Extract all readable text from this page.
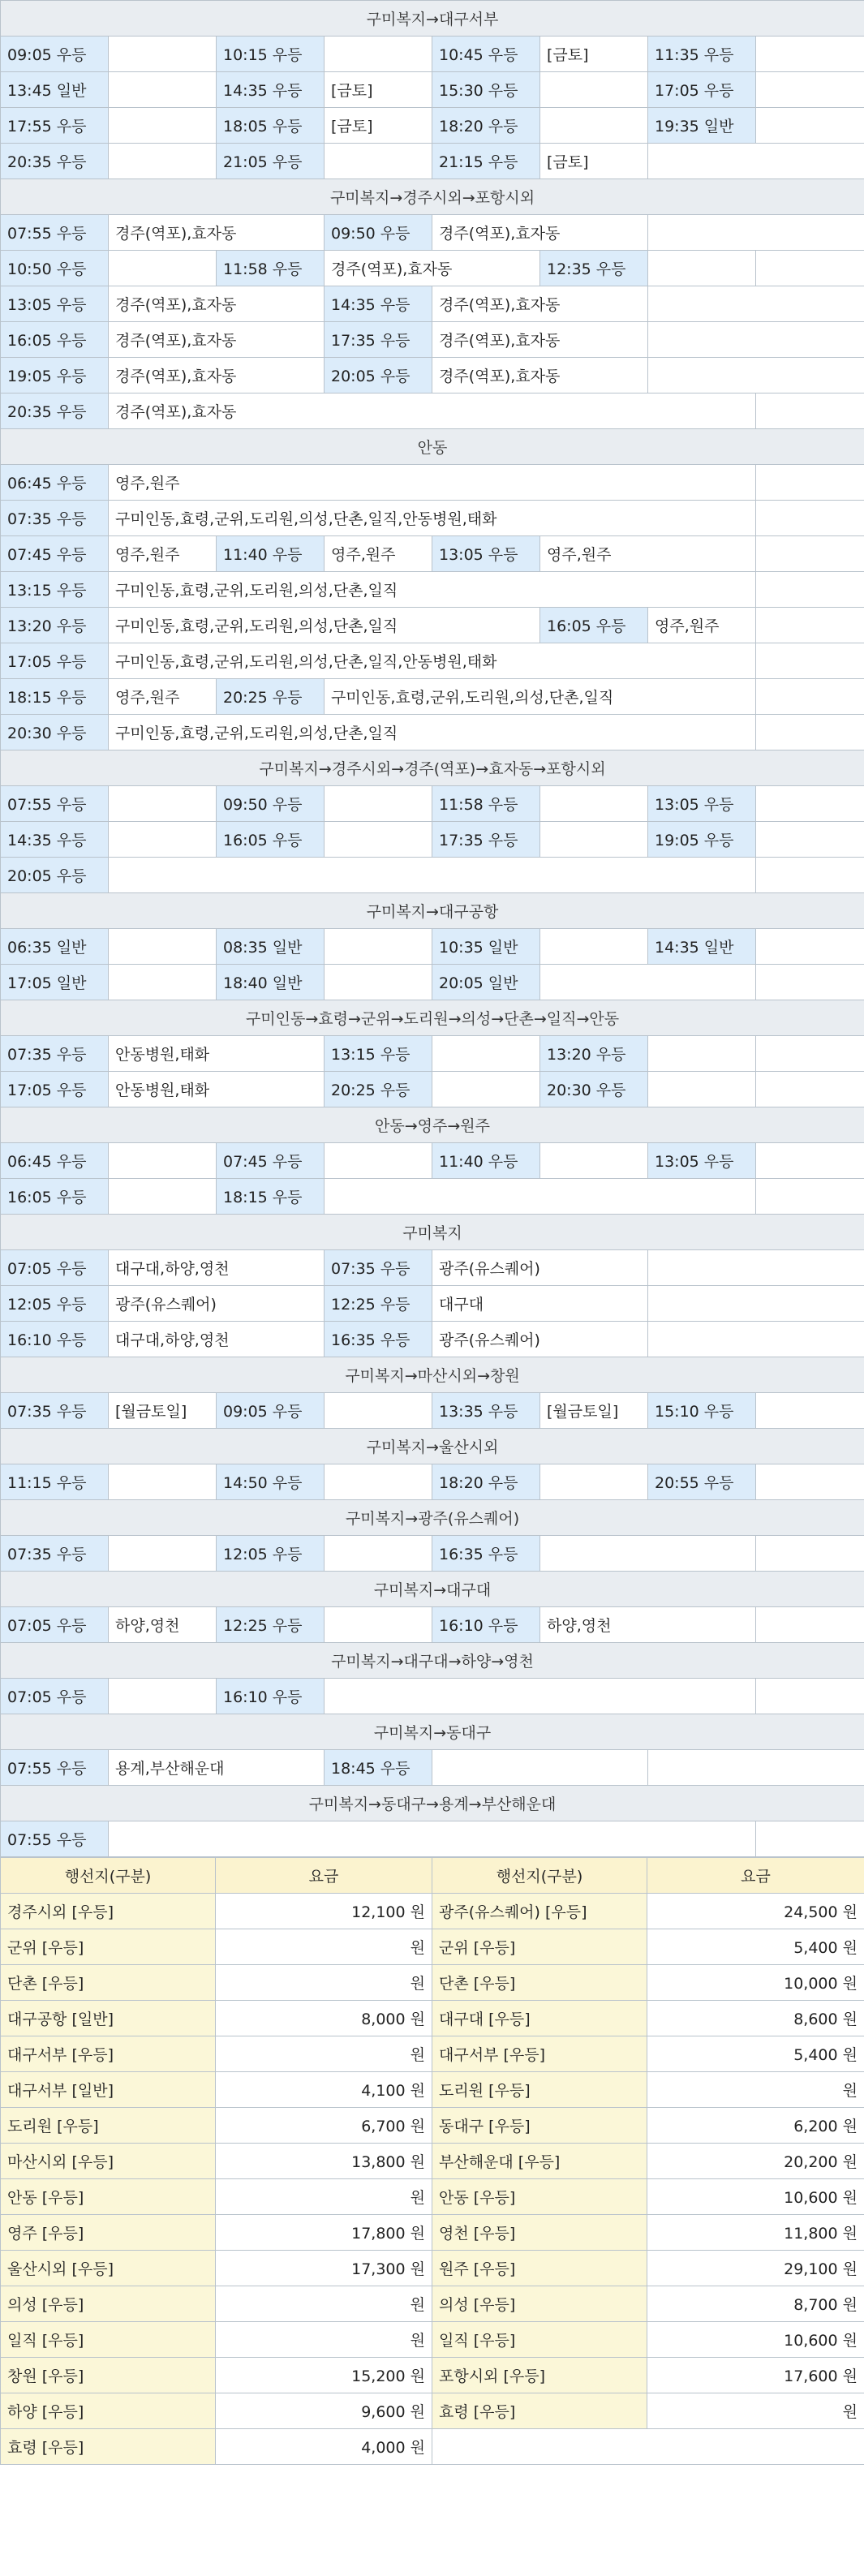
구미복지→대구서부							
09:05 우등		10:15 우등		10:45 우등	[금토]	11:35 우등	
13:45 일반		14:35 우등	[금토]	15:30 우등		17:05 우등	
17:55 우등		18:05 우등	[금토]	18:20 우등		19:35 일반	
20:35 우등		21:05 우등		21:15 우등	[금토]		
구미복지→경주시외→포항시외							
07:55 우등	경주(역포),효자동		09:50 우등	경주(역포),효자동			
10:50 우등		11:58 우등	경주(역포),효자동		12:35 우등		
13:05 우등	경주(역포),효자동		14:35 우등	경주(역포),효자동			
16:05 우등	경주(역포),효자동		17:35 우등	경주(역포),효자동			
19:05 우등	경주(역포),효자동		20:05 우등	경주(역포),효자동			
20:35 우등	경주(역포),효자동						
안동							
06:45 우등	영주,원주						
07:35 우등	구미인동,효령,군위,도리원,의성,단촌,일직,안동병원,태화						
07:45 우등	영주,원주	11:40 우등	영주,원주	13:05 우등	영주,원주		
13:15 우등	구미인동,효령,군위,도리원,의성,단촌,일직						
13:20 우등	구미인동,효령,군위,도리원,의성,단촌,일직				16:05 우등	영주,원주	
17:05 우등	구미인동,효령,군위,도리원,의성,단촌,일직,안동병원,태화						
18:15 우등	영주,원주	20:25 우등	구미인동,효령,군위,도리원,의성,단촌,일직				
20:30 우등	구미인동,효령,군위,도리원,의성,단촌,일직						
구미복지→경주시외→경주(역포)→효자동→포항시외							
07:55 우등		09:50 우등		11:58 우등		13:05 우등	
14:35 우등		16:05 우등		17:35 우등		19:05 우등	
20:05 우등							
구미복지→대구공항							
06:35 일반		08:35 일반		10:35 일반		14:35 일반	
17:05 일반		18:40 일반		20:05 일반			
구미인동→효령→군위→도리원→의성→단촌→일직→안동							
07:35 우등	안동병원,태화		13:15 우등		13:20 우등		
17:05 우등	안동병원,태화		20:25 우등		20:30 우등		
안동→영주→원주							
06:45 우등		07:45 우등		11:40 우등		13:05 우등	
16:05 우등		18:15 우등					
구미복지							
07:05 우등	대구대,하양,영천		07:35 우등	광주(유스퀘어)			
12:05 우등	광주(유스퀘어)		12:25 우등	대구대			
16:10 우등	대구대,하양,영천		16:35 우등	광주(유스퀘어)			
구미복지→마산시외→창원							
07:35 우등	[월금토일]	09:05 우등		13:35 우등	[월금토일]	15:10 우등	
구미복지→울산시외							
11:15 우등		14:50 우등		18:20 우등		20:55 우등	
구미복지→광주(유스퀘어)							
07:35 우등		12:05 우등		16:35 우등			
구미복지→대구대							
07:05 우등	하양,영천	12:25 우등		16:10 우등	하양,영천		
구미복지→대구대→하양→영천							
07:05 우등		16:10 우등					
구미복지→동대구							
07:55 우등	용계,부산해운대		18:45 우등				
구미복지→동대구→용계→부산해운대							
07:55 우등							
행선지(구분)	요금	행선지(구분)	요금
경주시외 [우등]	12,100 원	광주(유스퀘어) [우등]	24,500 원
군위 [우등]	원	군위 [우등]	5,400 원
단촌 [우등]	원	단촌 [우등]	10,000 원
대구공항 [일반]	8,000 원	대구대 [우등]	8,600 원
대구서부 [우등]	원	대구서부 [우등]	5,400 원
대구서부 [일반]	4,100 원	도리원 [우등]	원
도리원 [우등]	6,700 원	동대구 [우등]	6,200 원
마산시외 [우등]	13,800 원	부산해운대 [우등]	20,200 원
안동 [우등]	원	안동 [우등]	10,600 원
영주 [우등]	17,800 원	영천 [우등]	11,800 원
울산시외 [우등]	17,300 원	원주 [우등]	29,100 원
의성 [우등]	원	의성 [우등]	8,700 원
일직 [우등]	원	일직 [우등]	10,600 원
창원 [우등]	15,200 원	포항시외 [우등]	17,600 원
하양 [우등]	9,600 원	효령 [우등]	원
효령 [우등]	4,000 원		
